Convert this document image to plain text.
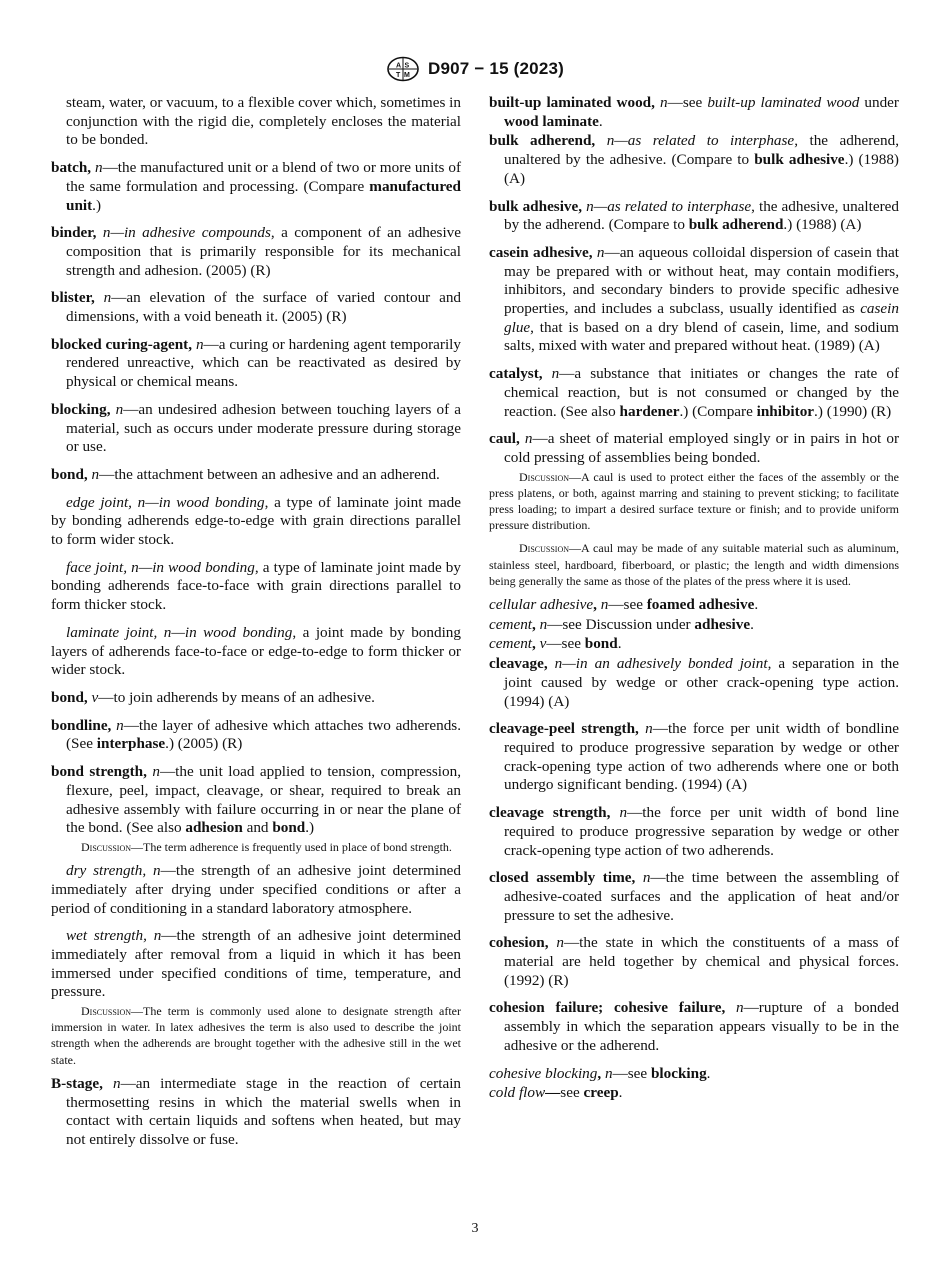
A S
T M D907 − 15 (2023)

steam, water, or vacuum, to a flexible cover which, sometimes in conjunction with the rigid die, completely encloses the material to be bonded.

batch, n—the manufactured unit or a blend of two or more units of the same formulation and processing. (Compare manufactured unit.)

binder, n—in adhesive compounds, a component of an adhesive composition that is primarily responsible for its mechanical strength and adhesion. (2005) (R)

blister, n—an elevation of the surface of varied contour and dimensions, with a void beneath it. (2005) (R)

blocked curing-agent, n—a curing or hardening agent temporarily rendered unreactive, which can be reactivated as desired by physical or chemical means.

blocking, n—an undesired adhesion between touching layers of a material, such as occurs under moderate pressure during storage or use.

bond, n—the attachment between an adhesive and an adherend.

edge joint, n—in wood bonding, a type of laminate joint made by bonding adherends edge-to-edge with grain directions parallel to form wider stock.

face joint, n—in wood bonding, a type of laminate joint made by bonding adherends face-to-face with grain directions parallel to form thicker stock.

laminate joint, n—in wood bonding, a joint made by bonding layers of adherends face-to-face or edge-to-edge to form thicker or wider stock.

bond, v—to join adherends by means of an adhesive.

bondline, n—the layer of adhesive which attaches two adherends. (See interphase.) (2005) (R)

bond strength, n—the unit load applied to tension, compression, flexure, peel, impact, cleavage, or shear, required to break an adhesive assembly with failure occurring in or near the plane of the bond. (See also adhesion and bond.)

Discussion—The term adherence is frequently used in place of bond strength.

dry strength, n—the strength of an adhesive joint determined immediately after drying under specified conditions or after a period of conditioning in a standard laboratory atmosphere.

wet strength, n—the strength of an adhesive joint determined immediately after removal from a liquid in which it has been immersed under specified conditions of time, temperature, and pressure.

Discussion—The term is commonly used alone to designate strength after immersion in water. In latex adhesives the term is also used to describe the joint strength when the adherends are brought together with the adhesive still in the wet state.

B-stage, n—an intermediate stage in the reaction of certain thermosetting resins in which the material swells when in contact with certain liquids and softens when heated, but may not entirely dissolve or fuse.

built-up laminated wood, n—see built-up laminated wood under wood laminate.

bulk adherend, n—as related to interphase, the adherend, unaltered by the adhesive. (Compare to bulk adhesive.) (1988) (A)

bulk adhesive, n—as related to interphase, the adhesive, unaltered by the adherend. (Compare to bulk adherend.) (1988) (A)

casein adhesive, n—an aqueous colloidal dispersion of casein that may be prepared with or without heat, may contain modifiers, inhibitors, and secondary binders to provide specific adhesive properties, and includes a subclass, usually identified as casein glue, that is based on a dry blend of casein, lime, and sodium salts, mixed with water and prepared without heat. (1989) (A)

catalyst, n—a substance that initiates or changes the rate of chemical reaction, but is not consumed or changed by the reaction. (See also hardener.) (Compare inhibitor.) (1990) (R)

caul, n—a sheet of material employed singly or in pairs in hot or cold pressing of assemblies being bonded.

Discussion—A caul is used to protect either the faces of the assembly or the press platens, or both, against marring and staining to prevent sticking; to facilitate press loading; to impart a desired surface texture or finish; and to provide uniform pressure distribution.

Discussion—A caul may be made of any suitable material such as aluminum, stainless steel, hardboard, fiberboard, or plastic; the length and width dimensions being generally the same as those of the plates of the press where it is used.

cellular adhesive, n—see foamed adhesive.

cement, n—see Discussion under adhesive.

cement, v—see bond.

cleavage, n—in an adhesively bonded joint, a separation in the joint caused by wedge or other crack-opening type action. (1994) (A)

cleavage-peel strength, n—the force per unit width of bondline required to produce progressive separation by wedge or other crack-opening type action of two adherends where one or both undergo significant bending. (1994) (A)

cleavage strength, n—the force per unit width of bond line required to produce progressive separation by wedge or other crack-opening type action of two adherends.

closed assembly time, n—the time between the assembling of adhesive-coated surfaces and the application of heat and/or pressure to set the adhesive.

cohesion, n—the state in which the constituents of a mass of material are held together by chemical and physical forces. (1992) (R)

cohesion failure; cohesive failure, n—rupture of a bonded assembly in which the separation appears visually to be in the adhesive or the adherend.

cohesive blocking, n—see blocking.

cold flow—see creep.

3
